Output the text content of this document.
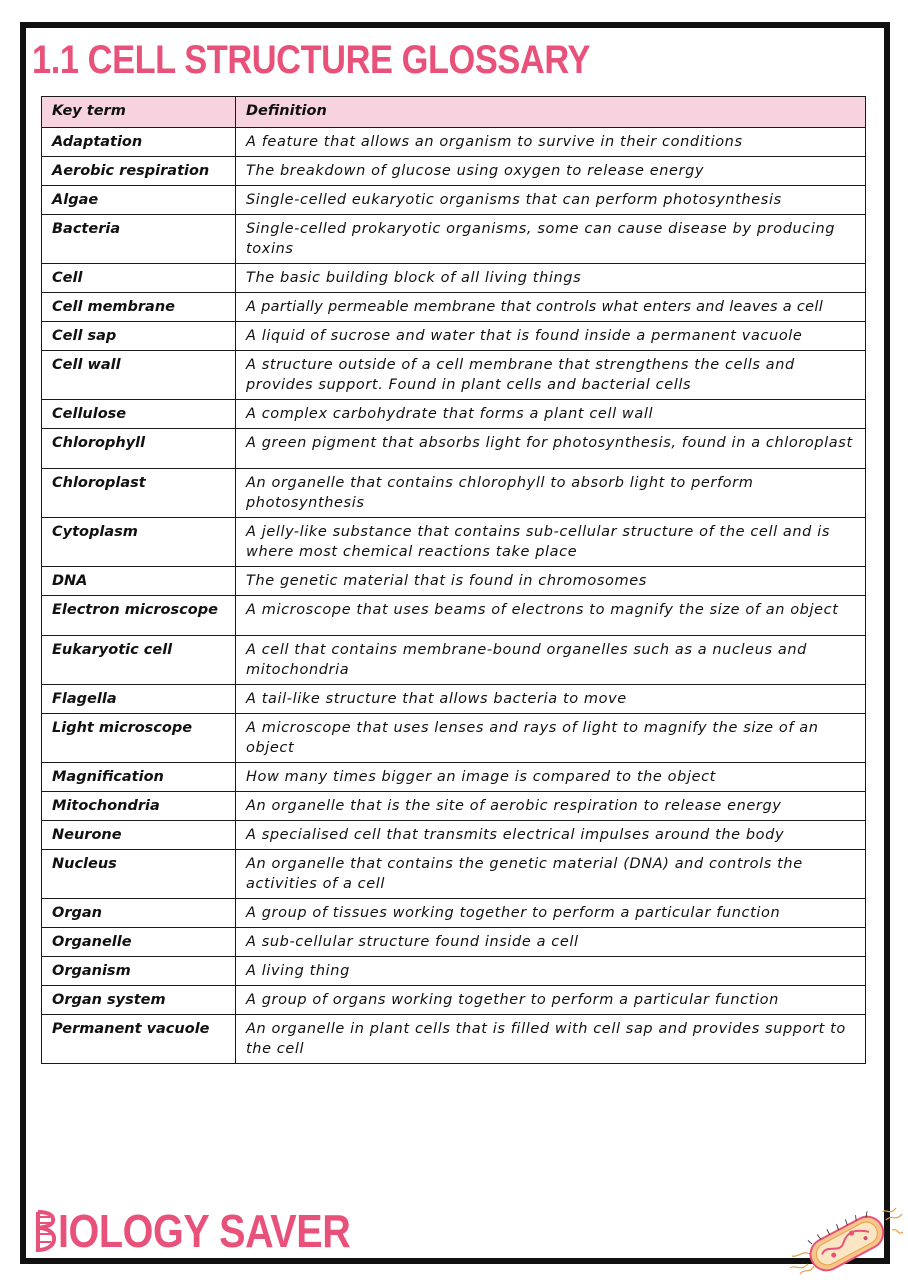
1.1 CELL STRUCTURE GLOSSARY
Key term	Definition
Adaptation	A feature that allows an organism to survive in their conditions
Aerobic respiration	The breakdown of glucose using oxygen to release energy
Algae	Single-celled eukaryotic organisms that can perform photosynthesis
Bacteria	Single-celled prokaryotic organisms, some can cause disease by producing toxins
Cell	The basic building block of all living things
Cell membrane	A partially permeable membrane that controls what enters and leaves a cell
Cell sap	A liquid of sucrose and water that is found inside a permanent vacuole
Cell wall	A structure outside of a cell membrane that strengthens the cells and provides support. Found in plant cells and bacterial cells
Cellulose	A complex carbohydrate that forms a plant cell wall
Chlorophyll	A green pigment that absorbs light for photosynthesis, found in a chloroplast
Chloroplast	An organelle that contains chlorophyll to absorb light to perform photosynthesis
Cytoplasm	A jelly-like substance that contains sub-cellular structure of the cell and is where most chemical reactions take place
DNA	The genetic material that is found in chromosomes
Electron microscope	A microscope that uses beams of electrons to magnify the size of an object
Eukaryotic cell	A cell that contains membrane-bound organelles such as a nucleus and mitochondria
Flagella	A tail-like structure that allows bacteria to move
Light microscope	A microscope that uses lenses and rays of light to magnify the size of an object
Magnification	How many times bigger an image is compared to the object
Mitochondria	An organelle that is the site of aerobic respiration to release energy
Neurone	A specialised cell that transmits electrical impulses around the body
Nucleus	An organelle that contains the genetic material (DNA) and controls the activities of a cell
Organ	A group of tissues working together to perform a particular function
Organelle	A sub-cellular structure found inside a cell
Organism	A living thing
Organ system	A group of organs working together to perform a particular function
Permanent vacuole	An organelle in plant cells that is filled with cell sap and provides support to the cell
IOLOGY SAVER
